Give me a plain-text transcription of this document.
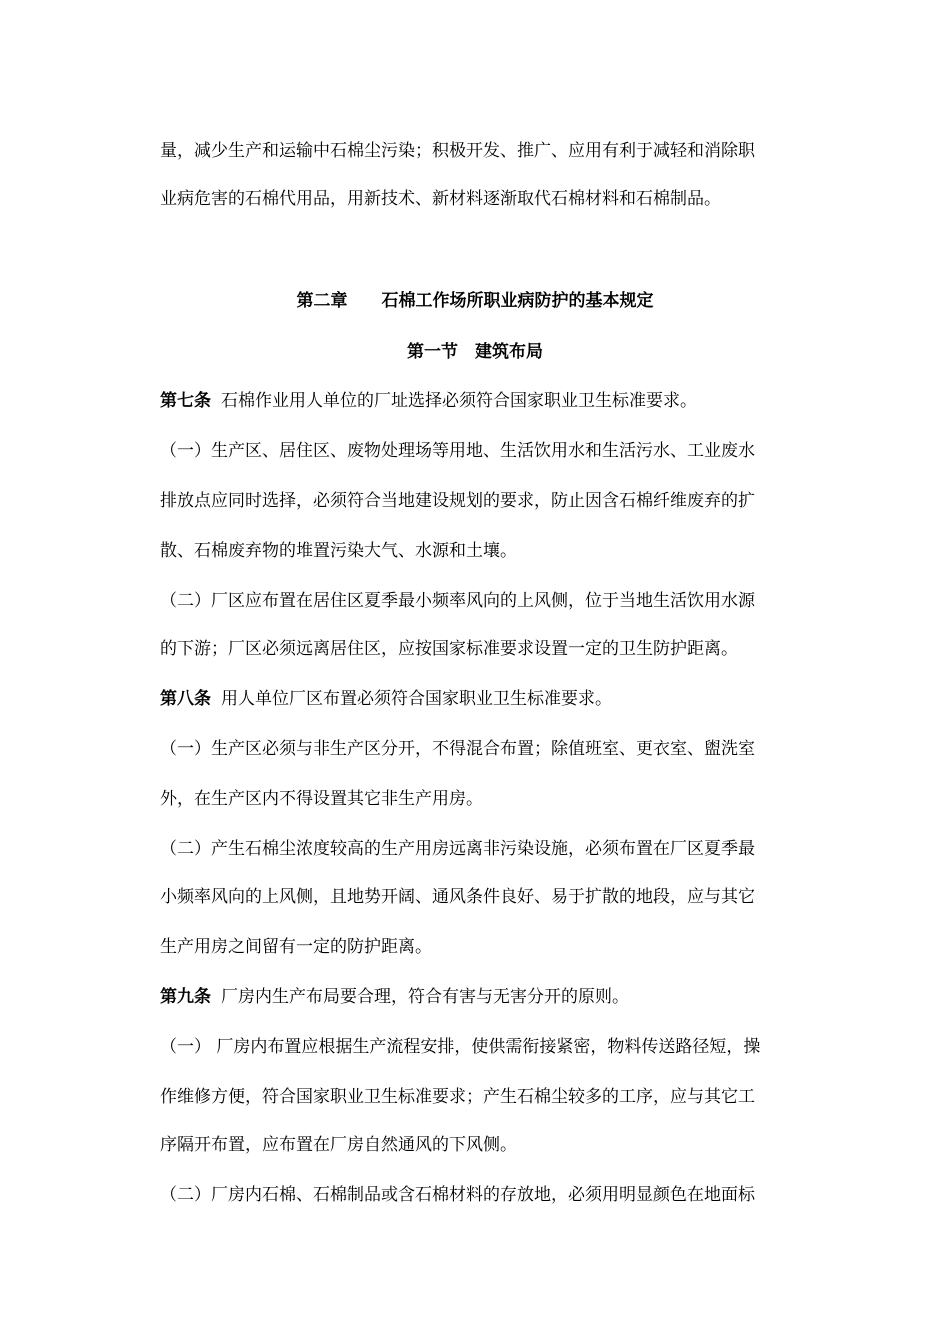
量，减少生产和运输中石棉尘污染；积极开发、推广、应用有利于减轻和消除职
业病危害的石棉代用品，用新技术、新材料逐渐取代石棉材料和石棉制品。
第二章　　石棉工作场所职业病防护的基本规定
第一节　建筑布局
第七条 石棉作业用人单位的厂址选择必须符合国家职业卫生标准要求。
（一）生产区、居住区、废物处理场等用地、生活饮用水和生活污水、工业废水
排放点应同时选择，必须符合当地建设规划的要求，防止因含石棉纤维废弃的扩
散、石棉废弃物的堆置污染大气、水源和土壤。
（二）厂区应布置在居住区夏季最小频率风向的上风侧，位于当地生活饮用水源
的下游；厂区必须远离居住区，应按国家标准要求设置一定的卫生防护距离。
第八条 用人单位厂区布置必须符合国家职业卫生标准要求。
（一）生产区必须与非生产区分开，不得混合布置；除值班室、更衣室、盥洗室
外，在生产区内不得设置其它非生产用房。
（二）产生石棉尘浓度较高的生产用房远离非污染设施，必须布置在厂区夏季最
小频率风向的上风侧，且地势开阔、通风条件良好、易于扩散的地段，应与其它
生产用房之间留有一定的防护距离。
第九条 厂房内生产布局要合理，符合有害与无害分开的原则。
（一） 厂房内布置应根据生产流程安排，使供需衔接紧密，物料传送路径短，操
作维修方便，符合国家职业卫生标准要求；产生石棉尘较多的工序，应与其它工
序隔开布置，应布置在厂房自然通风的下风侧。
（二）厂房内石棉、石棉制品或含石棉材料的存放地，必须用明显颜色在地面标
